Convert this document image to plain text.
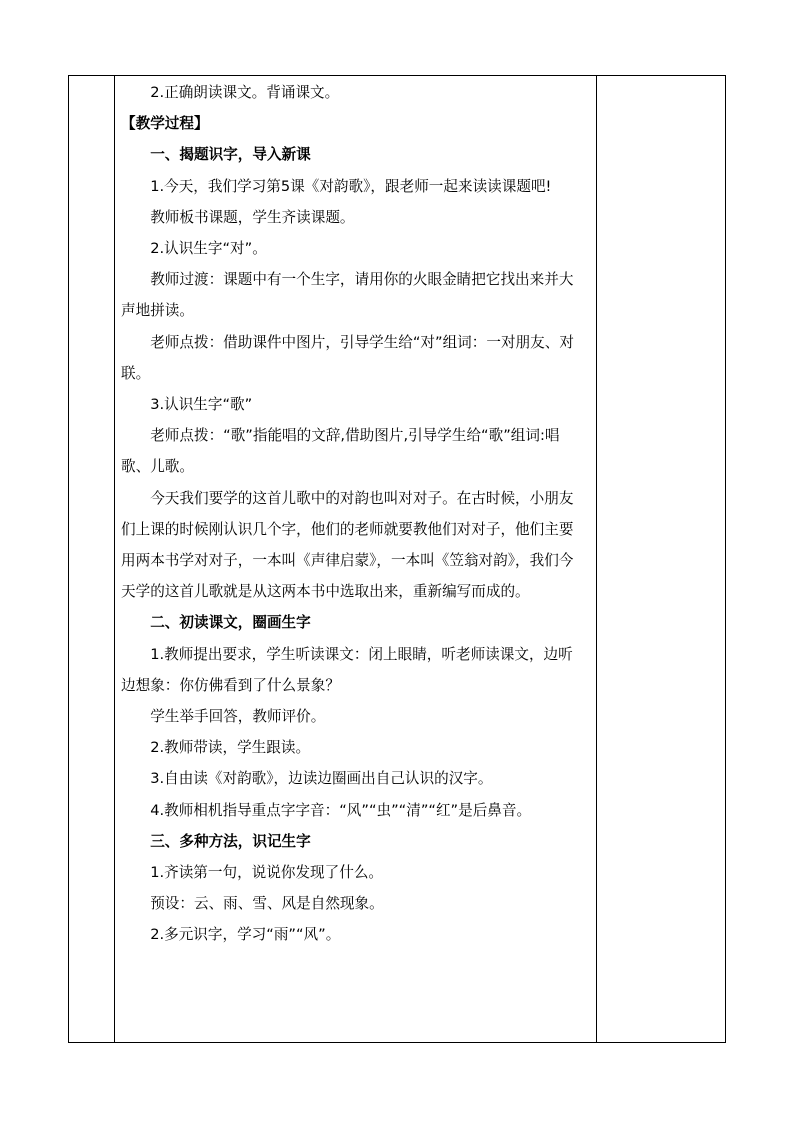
2.正确朗读课文。背诵课文。

【教学过程】

一、揭题识字，导入新课

1.今天，我们学习第5课《对韵歌》，跟老师一起来读读课题吧!

教师板书课题，学生齐读课题。

2.认识生字“对”。

教师过渡：课题中有一个生字，请用你的火眼金睛把它找出来并大声地拼读。

老师点拨：借助课件中图片，引导学生给“对”组词：一对朋友、对联。

3.认识生字“歌”

老师点拨：“歌”指能唱的文辞,借助图片,引导学生给“歌”组词:唱歌、儿歌。

今天我们要学的这首儿歌中的对韵也叫对对子。在古时候，小朋友们上课的时候刚认识几个字，他们的老师就要教他们对对子，他们主要用两本书学对对子，一本叫《声律启蒙》，一本叫《笠翁对韵》，我们今天学的这首儿歌就是从这两本书中选取出来，重新编写而成的。

二、初读课文，圈画生字

1.教师提出要求，学生听读课文：闭上眼睛，听老师读课文，边听边想象：你仿佛看到了什么景象？

学生举手回答，教师评价。

2.教师带读，学生跟读。

3.自由读《对韵歌》，边读边圈画出自己认识的汉字。

4.教师相机指导重点字字音：“风”“虫”“清”“红”是后鼻音。

三、多种方法，识记生字

1.齐读第一句，说说你发现了什么。

预设：云、雨、雪、风是自然现象。

2.多元识字，学习“雨”“风”。
